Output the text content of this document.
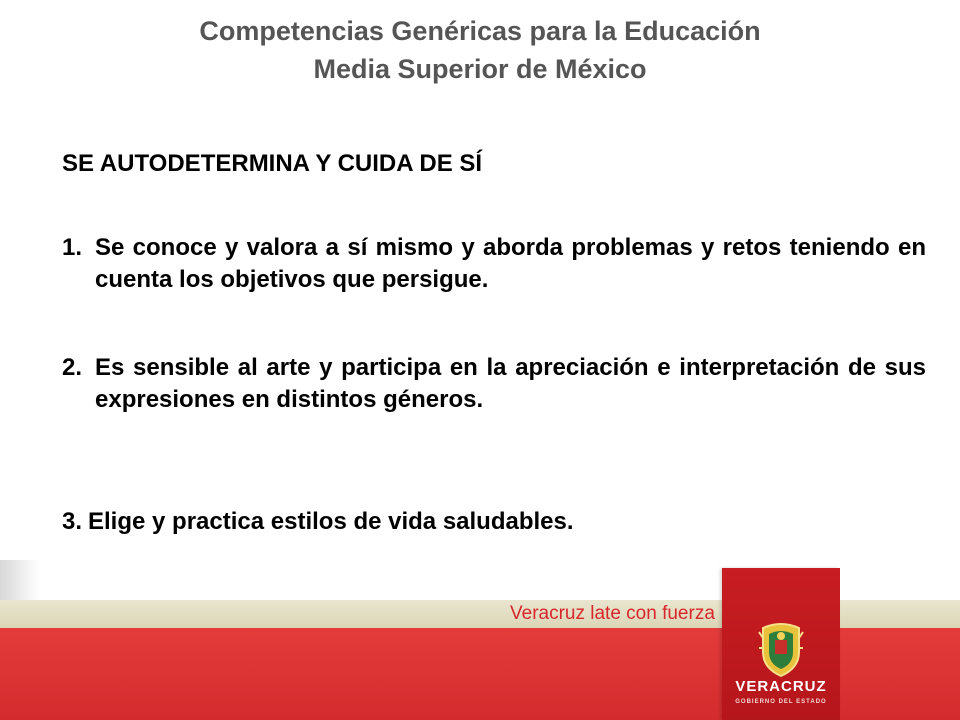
Competencias Genéricas para la Educación
Media Superior de México
SE AUTODETERMINA Y CUIDA DE SÍ
1. Se conoce y valora a sí mismo y aborda problemas y retos teniendo en cuenta los objetivos que persigue.
2. Es sensible al arte y participa en la apreciación e interpretación de sus expresiones en distintos géneros.
3. Elige y practica estilos de vida saludables.
Veracruz late con fuerza
VERACRUZ
GOBIERNO DEL ESTADO
